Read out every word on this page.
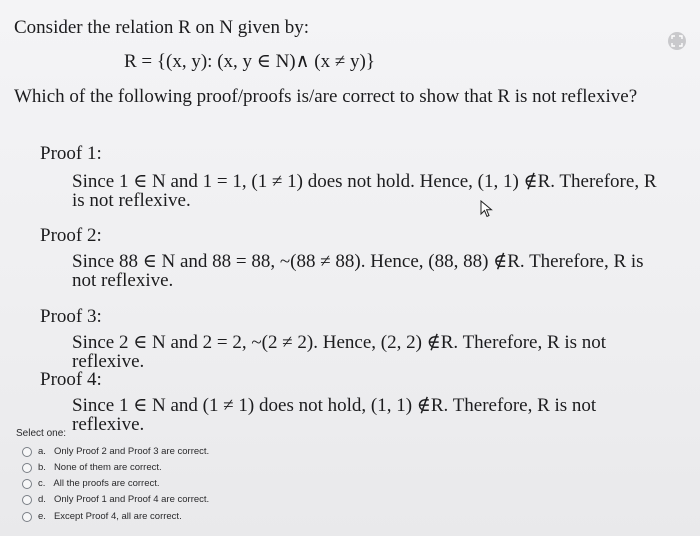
Consider the relation R on N given by:
R = {(x, y): (x, y ∈ N)∧ (x ≠ y)}
Which of the following proof/proofs is/are correct to show that R is not reflexive?
Proof 1:
Since 1 ∈ N and 1 = 1, (1 ≠ 1) does not hold. Hence, (1, 1) ∉R. Therefore, R is not reflexive.
Proof 2:
Since 88 ∈ N and 88 = 88, ~(88 ≠ 88). Hence, (88, 88) ∉R. Therefore, R is not reflexive.
Proof 3:
Since 2 ∈ N and 2 = 2, ~(2 ≠ 2). Hence, (2, 2) ∉R. Therefore, R is not reflexive.
Proof 4:
Since 1 ∈ N and (1 ≠ 1) does not hold, (1, 1) ∉R. Therefore, R is not reflexive.
Select one:
a. Only Proof 2 and Proof 3 are correct.
b. None of them are correct.
c. All the proofs are correct.
d. Only Proof 1 and Proof 4 are correct.
e. Except Proof 4, all are correct.
